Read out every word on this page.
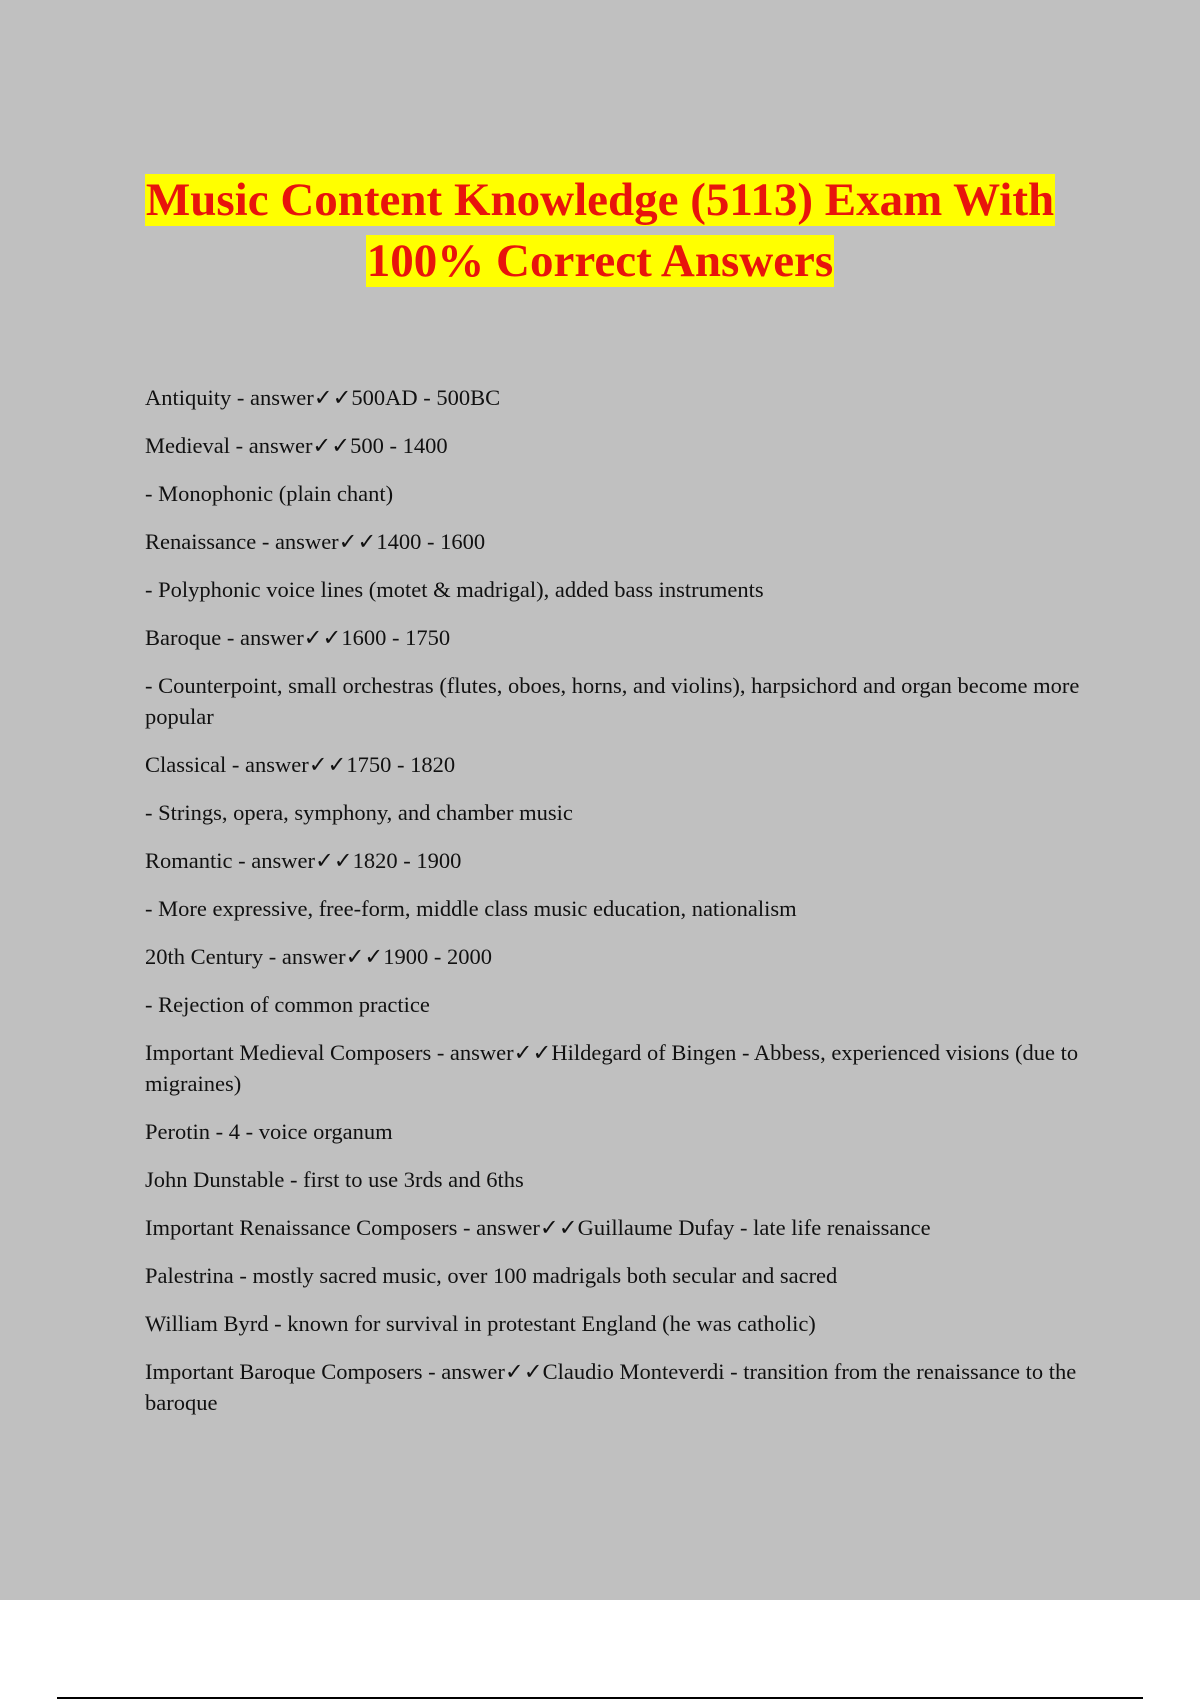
Music Content Knowledge (5113) Exam With
100% Correct Answers

Antiquity - answer✓✓500AD - 500BC

Medieval - answer✓✓500 - 1400

- Monophonic (plain chant)

Renaissance - answer✓✓1400 - 1600

- Polyphonic voice lines (motet & madrigal), added bass instruments

Baroque - answer✓✓1600 - 1750

- Counterpoint, small orchestras (flutes, oboes, horns, and violins), harpsichord and organ become more popular

Classical - answer✓✓1750 - 1820

- Strings, opera, symphony, and chamber music

Romantic - answer✓✓1820 - 1900

- More expressive, free-form, middle class music education, nationalism

20th Century - answer✓✓1900 - 2000

- Rejection of common practice

Important Medieval Composers - answer✓✓Hildegard of Bingen - Abbess, experienced visions (due to migraines)

Perotin - 4 - voice organum

John Dunstable - first to use 3rds and 6ths

Important Renaissance Composers - answer✓✓Guillaume Dufay - late life renaissance

Palestrina - mostly sacred music, over 100 madrigals both secular and sacred

William Byrd - known for survival in protestant England (he was catholic)

Important Baroque Composers - answer✓✓Claudio Monteverdi - transition from the renaissance to the baroque
